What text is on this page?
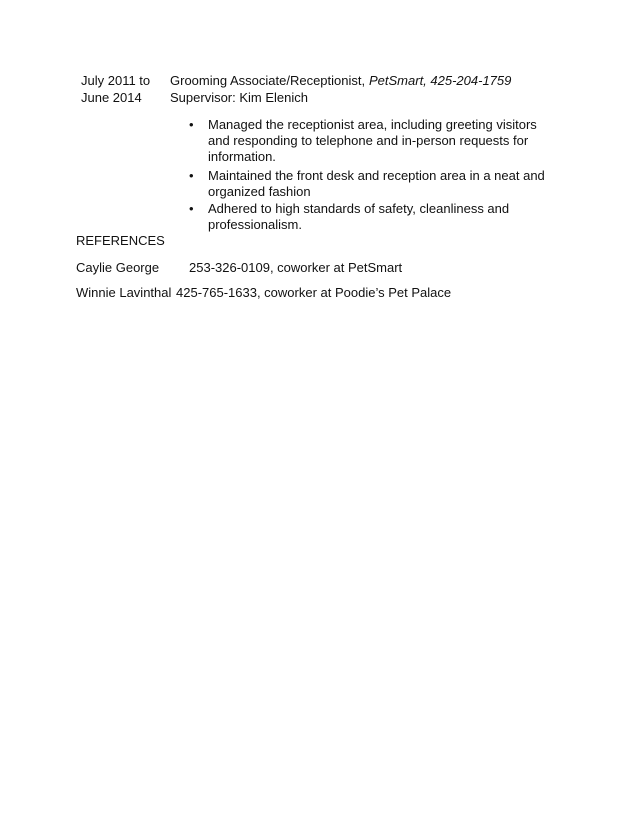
July 2011 to
June 2014
Grooming Associate/Receptionist, PetSmart, 425-204-1759
Supervisor: Kim Elenich
• Managed the receptionist area, including greeting visitors and responding to telephone and in-person requests for information.
• Maintained the front desk and reception area in a neat and organized fashion
• Adhered to high standards of safety, cleanliness and professionalism.
REFERENCES
Caylie George 253-326-0109, coworker at PetSmart
Winnie Lavinthal 425-765-1633, coworker at Poodie’s Pet Palace
